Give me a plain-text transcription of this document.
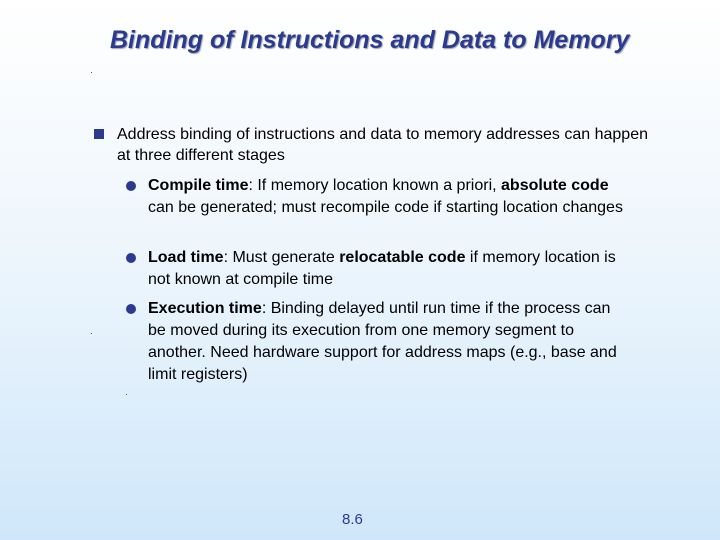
Binding of Instructions and Data to Memory
Address binding of instructions and data to memory addresses can happen at three different stages
Compile time: If memory location known a priori, absolute code can be generated; must recompile code if starting location changes
Load time: Must generate relocatable code if memory location is not known at compile time
Execution time: Binding delayed until run time if the process can be moved during its execution from one memory segment to another. Need hardware support for address maps (e.g., base and limit registers)
8.6
